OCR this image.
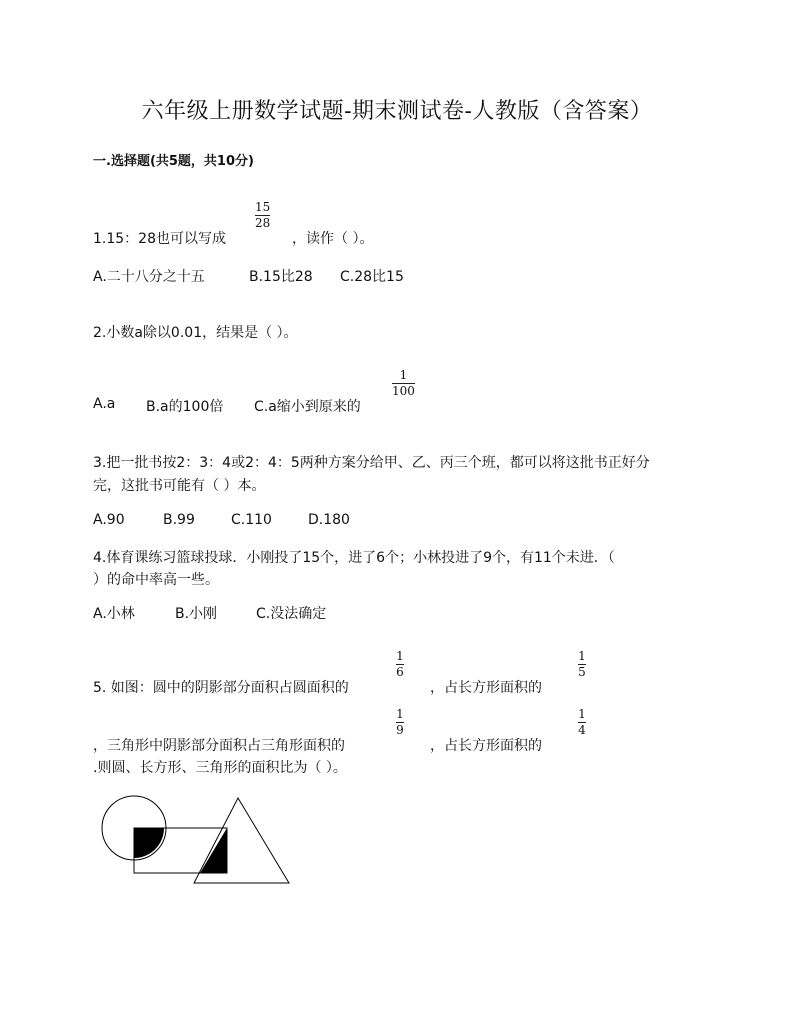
六年级上册数学试题-期末测试卷-人教版（含答案）
一.选择题(共5题，共10分)
1.15：28也可以写成
15
28
，读作（ ）。
A.二十八分之十五	B.15比28 C.28比15
2.小数a除以0.01，结果是（ ）。
A.a B.a的100倍 C.a缩小到原来的
1
100
3.把一批书按2：3：4或2：4：5两种方案分给甲、乙、丙三个班，都可以将这批书正好分
完，这批书可能有（ ）本。
A.90	B.99	C.110	D.180
4.体育课练习篮球投球．小刚投了15个，进了6个；小林投进了9个，有11个未进．（
）的命中率高一些。
A.小林	B.小刚	C.没法确定
5. 如图：圆中的阴影部分面积占圆面积的
1
6
，占长方形面积的
1
5
，三角形中阴影部分面积占三角形面积的
1
9
，占长方形面积的
1
4
.则圆、长方形、三角形的面积比为（ ）。
